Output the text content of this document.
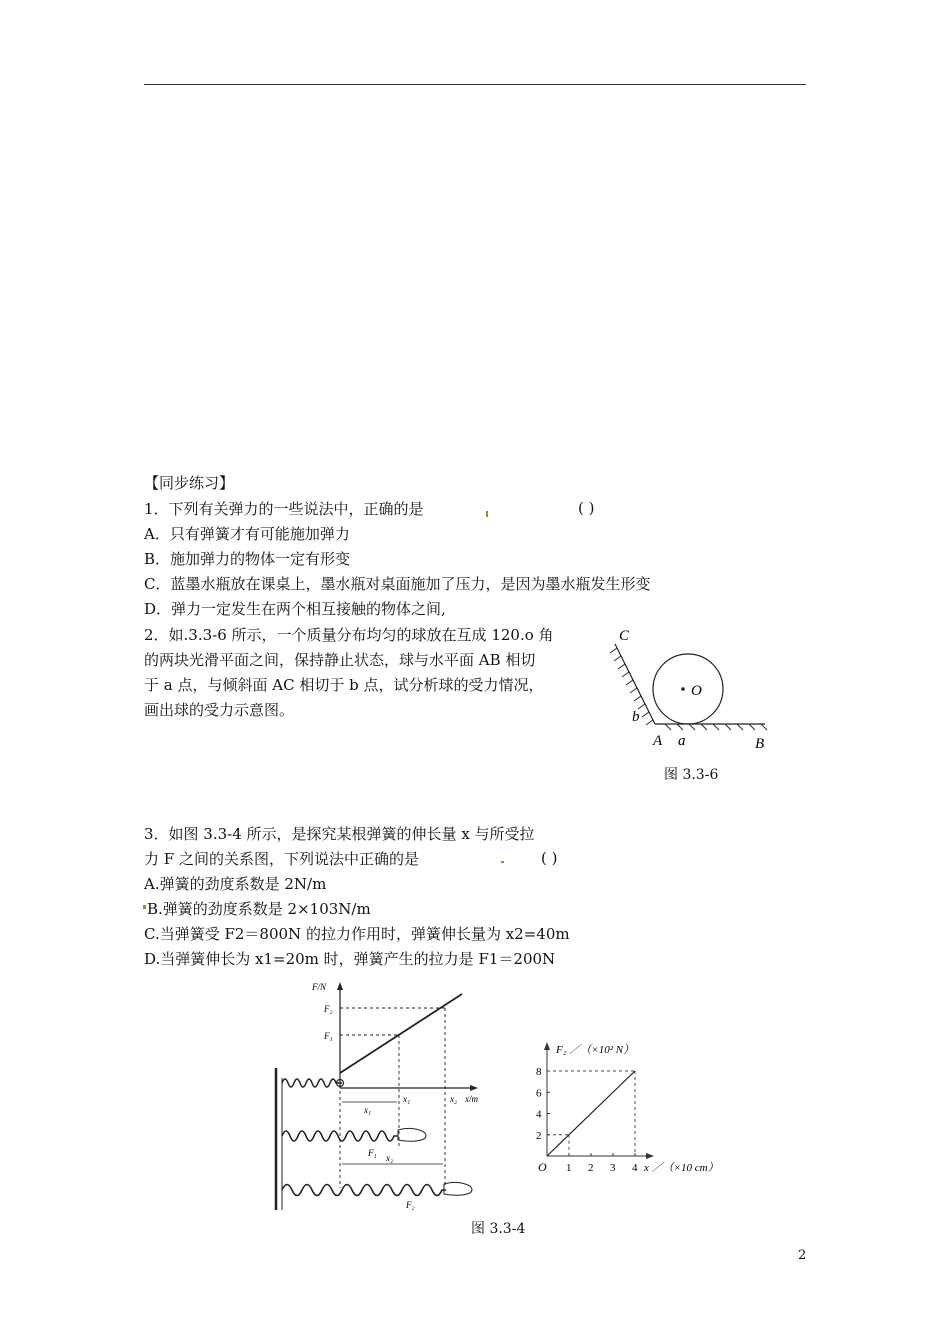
【同步练习】
1．下列有关弹力的一些说法中，正确的是	( )
A．只有弹簧才有可能施加弹力
B．施加弹力的物体一定有形变
C．蓝墨水瓶放在课桌上，墨水瓶对桌面施加了压力，是因为墨水瓶发生形变
D．弹力一定发生在两个相互接触的物体之间,
2．如.3.3-6 所示，一个质量分布均匀的球放在互成 120.o 角
的两块光滑平面之间，保持静止状态，球与水平面 AB 相切
于 a 点，与倾斜面 AC 相切于 b 点，试分析球的受力情况，
画出球的受力示意图。
C
O
b
A a	B
图 3.3-6
3．如图 3.3-4 所示，是探究某根弹簧的伸长量 x 与所受拉
力 F 之间的关系图，下列说法中正确的是	( )
A.弹簧的劲度系数是 2N/m
B.弹簧的劲度系数是 2×103N/m
C.当弹簧受 F2＝800N 的拉力作用时，弹簧伸长量为 x2=40m
D.当弹簧伸长为 x1=20m 时，弹簧产生的拉力是 F1＝200N
F/N
x/m
F₂
F₁
x₁	x₂
x₁
x₂
F₁
F₂
F₂ ／（×10² N）
x ／（×10 cm）
O 1 2 3 4
2
4
6
8
图 3.3-4
2
